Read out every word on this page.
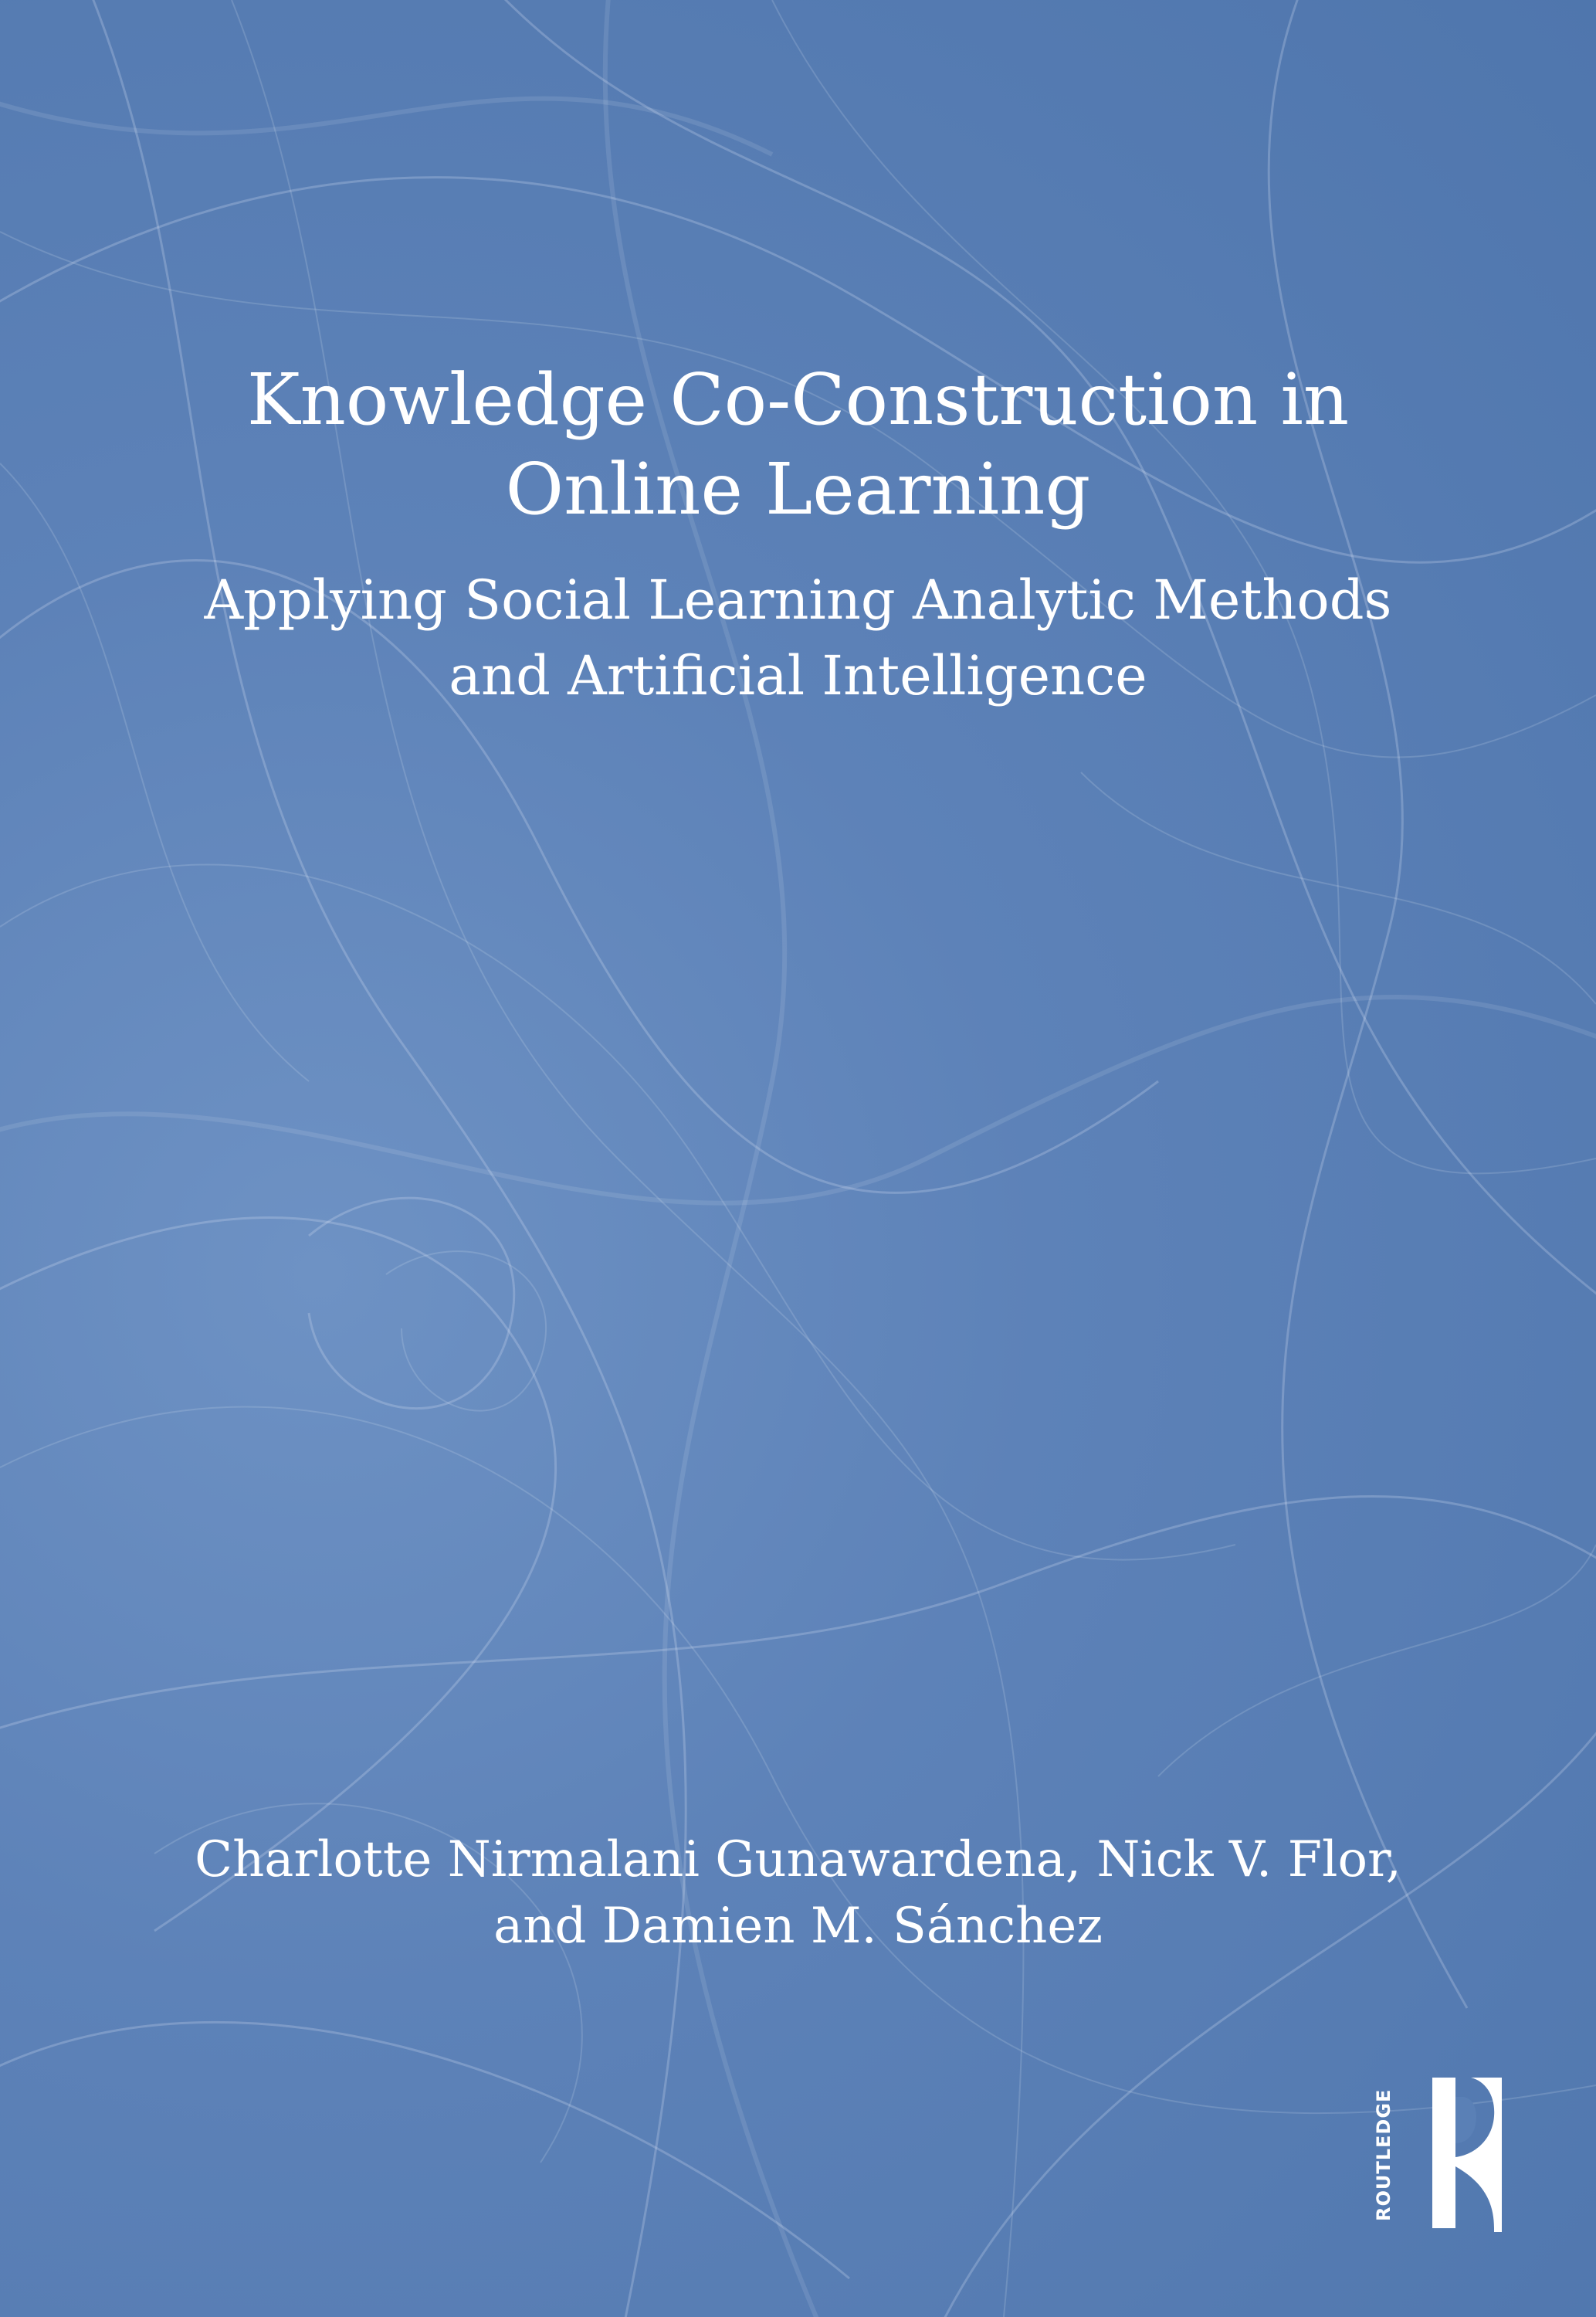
Knowledge Co-Construction in
Online Learning
Applying Social Learning Analytic Methods
and Artificial Intelligence
Charlotte Nirmalani Gunawardena, Nick V. Flor,
and Damien M. Sánchez
ROUTLEDGE
